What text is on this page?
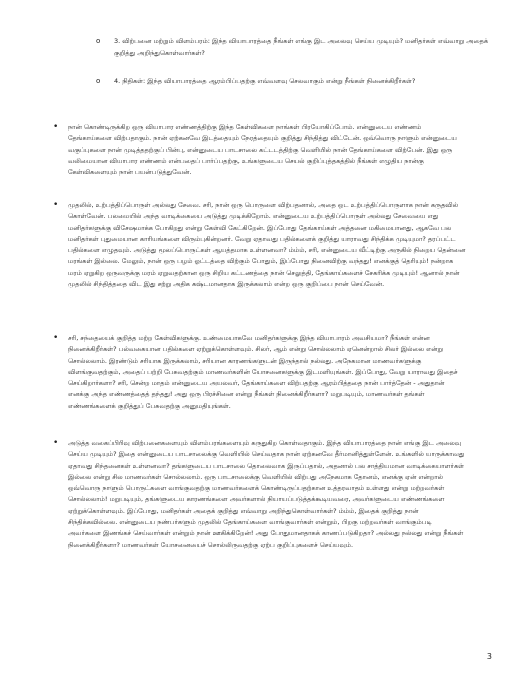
o 3. விற்பனை மற்றும் விளம்பரம்: இந்த வியாபாரத்தை நீங்கள் எங்கு இட அலைவு செய்ய முடியும்? மனிதர்கள் எவ்வாறு அதைக் குறித்து அறிந்துகொள்வார்கள்?
o 4. நிதிகள்: இந்த வியாபாரத்தை ஆரம்பிப்பதற்கு எவ்வளவு செலவாகும் என்று நீங்கள் நினைக்கிறீர்கள்?
• நான் கொண்டிருக்கிற ஒரு வியாபார எண்ணத்திற்கு இந்த கேள்விகளை நாங்கள் பிரயோகிப்போம். என்னுடைய எண்ணம் தேங்காய்களை விற்பதாகும். நான் ஏற்கனவே இடத்தையும் நேரத்தையும் குறித்து சிந்தித்து விட்டேன். ஒவ்வொரு நாளும் என்னுடைய வகுப்புகளை நான் முடித்ததற்குப் பின்பு, என்னுடைய பாடசாலை கட்டடத்திற்கு வெளியில் நான் தேங்காய்களை விற்பேன். இது ஒரு வலிமையான வியாபார எண்ணம் என்பதைப் பார்ப்பதற்கு, உங்களுடைய செயல் குறிப்புத்தகத்தில் நீங்கள் எழுதிய நான்கு கேள்விகளையும் நான் பயன்படுத்துவேன்.
• முதலில், உற்பத்திப்பொருள் அல்லது சேவை. சரி, நான் ஒரு பொருளை விற்பதனால், அதை ஒட உற்பத்திப்பொருளாக நான் கருதவில் கொள்வேன். பலமையில் அந்த வாடிக்கையை அடுத்து முடிக்கிறோம். என்னுடைய உற்பத்திப்பொருள் அல்லது சேவையை எது மனிதர்களுக்கு விசேஷமாக்க போகிறது என்று கேள்வி கேட்கிறேன். இப்போது தேங்காய்கள் அத்தனை மகிமையானது, ஆகவே பல மனிதர்கள் புதுமையான காரியங்களை விரும்புகின்றனர். வேறு ஏதாவது பதில்களைக் குறித்து யாராவது சிந்திக்க முடியுமா? தரப்பட்ட பதில்களை எழுதவும். அடுத்து மூலப்பொருட்கள் ஆயத்தமாக உள்ளனவா? ம்ம்ம், சரி, என்னுடைய வீட்டிற்கு அருகில் நிறைய தென்னை மரங்கள் இல்லை. மேலும், நான் ஒரு பழம் ஓட்டத்தை விற்கும் போதும், இப்போது நினைவிற்கு வந்தது! எனக்குத் தெரியும்! நன்றாக மரம் ஏறுகிற ஒருவருக்கு மரம் ஏறுவதற்கான ஒரு சிறிய கட்டணத்தை நான் செலுத்தி, தேங்காய்களைச் சேகரிக்க முடியும்! ஆனால் நான் முதலில் சிந்தித்ததை விட இது சற்று அதிக கஷ்டமானதாக இருக்கலாம் என்ற ஒரு குறிப்பை நான் செய்வேன்.
• சரி, சந்தையைக் குறித்த மற்ற கேள்விகளுக்கு. உண்மையாகவே மனிதர்களுக்கு இந்த வியாபாரம் அவசியமா? நீங்கள் என்ன நினைக்கிறீர்கள்? பல்வகையான பதில்களை ஏற்றுக்கொள்ளவும். சிலர், ஆம் என்று சொல்லலாம் ஏனென்றால் சிலர் இல்லை என்று சொல்லலாம். இரண்டும் சரியாக இருக்கலாம், சரியான காரணங்களுடன் இருந்தால் நல்லது. அநேகமான மாணவர்களுக்கு விளங்குவதற்கும், அதைப் பற்றி பேசுவதற்கும் மாணவர்களின் யோசனைகளுக்கு இடமளியுங்கள். இப்போது, வேறு யாராவது இதைச் செய்கிறார்களா? சரி, சென்ற மாதம் என்னுடைய அயலவர், தேங்காய்களை விற்பதற்கு ஆரம்பித்ததை நான் பார்த்தேன் - அதுதான் எனக்கு அந்த எண்ணத்தைத் தந்தது! அது ஒரு பிரச்சினை என்று நீங்கள் நினைக்கிறீர்களா? மறுபடியும், மாணவர்கள் தங்கள் எண்ணங்களைக் குறித்துப் பேசுவதற்கு அனுமதியுங்கள்.
• அடுத்த வகைப்பிரிவு விற்பனைகளையும் விளம்பரங்களையும் கருதுகிற கொள்வதாகும். இந்த வியாபாரத்தை நான் எங்கு இட அலைவு செய்ய முடியும்? இதை என்னுடைய பாடசாலைக்கு வெளியில் செய்வதாக நான் ஏற்கனவே தீர்மானித்துள்ளேன். உங்களில் யாருக்காவது ஏதாவது சிந்தனைகள் உள்ளனவா? தங்களுடைய பாடசாலை தொலைவாக இருப்பதால், அதனால் பல சாத்தியமான வாடிக்கையாளர்கள் இல்லை என்று சில மாணவர்கள் சொல்லலாம். ஒரு பாடசாலைக்கு வெளியில் விற்பது அநேகமாக தோனம், எனக்கு ஏன் என்றால் ஒவ்வொரு நாளும் பொருட்களை வாங்குவதற்கு மாணவர்களைக் கொண்டிருப்பதற்கான உத்தரவாதம் உள்ளது என்று மற்றவர்கள் சொல்லலாம்! மறுபடியும், தங்களுடைய காரணங்களை அவர்களால் நியாயப்படுத்தக்கூடியவரை, அவர்களுடைய எண்ணங்களை ஏற்றுக்கொள்ளவும். இப்போது, மனிதர்கள் அதைக் குறித்து எவ்வாறு அறிந்துகொள்வார்கள்? ம்ம்ம், இதைக் குறித்து நான் சிந்திக்கவில்லை. என்னுடைய நண்பர்களும் முதலில் தேங்காய்களை வாங்குவார்கள் என்றும், பிறகு மற்றவர்கள் வாங்கும்படி அவர்களை இணங்கச் செய்வார்கள் என்றும் நான் ஊகிக்கிறேன்! அது போதுமானதாகக் காணப்படுகிறதா? அல்லது நல்லது என்று நீங்கள் நினைக்கிறீர்களா? மாணவர்கள் யோசனையைச் சொல்லிருவதற்கு ஏற்ப குறிப்புகளைச் செய்யவும்.
3
